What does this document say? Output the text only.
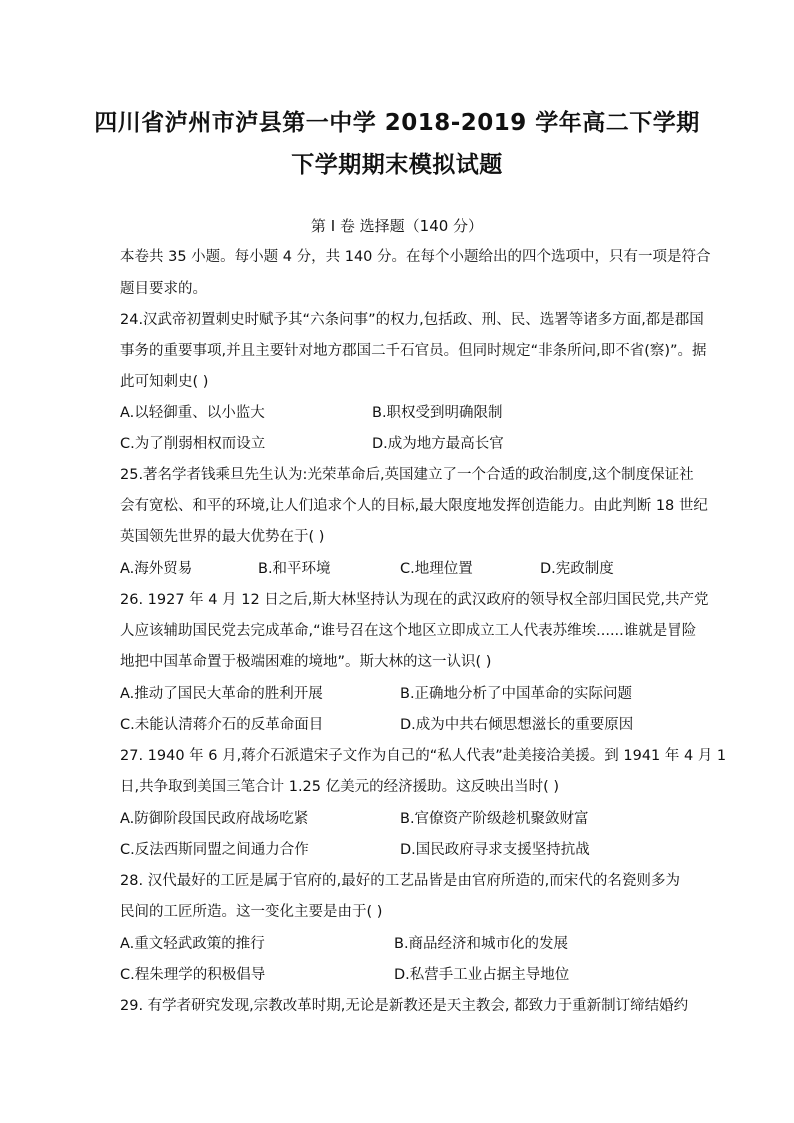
四川省泸州市泸县第一中学 2018-2019 学年高二下学期
下学期期末模拟试题
第 I 卷 选择题（140 分）
本卷共 35 小题。每小题 4 分，共 140 分。在每个小题给出的四个选项中，只有一项是符合
题目要求的。
24.汉武帝初置刺史时赋予其“六条问事”的权力,包括政、刑、民、选署等诸多方面,都是郡国
事务的重要事项,并且主要针对地方郡国二千石官员。但同时规定“非条所问,即不省(察)”。据
此可知刺史( )
A.以轻御重、以小监大	B.职权受到明确限制
C.为了削弱相权而设立	D.成为地方最高长官
25.著名学者钱乘旦先生认为:光荣革命后,英国建立了一个合适的政治制度,这个制度保证社
会有宽松、和平的环境,让人们追求个人的目标,最大限度地发挥创造能力。由此判断 18 世纪
英国领先世界的最大优势在于( )
A.海外贸易	B.和平环境	C.地理位置	D.宪政制度
26. 1927 年 4 月 12 日之后,斯大林坚持认为现在的武汉政府的领导权全部归国民党,共产党
人应该辅助国民党去完成革命,“谁号召在这个地区立即成立工人代表苏维埃......谁就是冒险
地把中国革命置于极端困难的境地”。斯大林的这一认识( )
A.推动了国民大革命的胜利开展	B.正确地分析了中国革命的实际问题
C.未能认清蒋介石的反革命面目	D.成为中共右倾思想滋长的重要原因
27. 1940 年 6 月,蒋介石派遣宋子文作为自己的“私人代表”赴美接洽美援。到 1941 年 4 月 1
日,共争取到美国三笔合计 1.25 亿美元的经济援助。这反映出当时( )
A.防御阶段国民政府战场吃紧	B.官僚资产阶级趁机聚敛财富
C.反法西斯同盟之间通力合作	D.国民政府寻求支援坚持抗战
28. 汉代最好的工匠是属于官府的,最好的工艺品皆是由官府所造的,而宋代的名瓷则多为
民间的工匠所造。这一变化主要是由于( )
A.重文轻武政策的推行	B.商品经济和城市化的发展
C.程朱理学的积极倡导	D.私营手工业占据主导地位
29. 有学者研究发现,宗教改革时期,无论是新教还是天主教会, 都致力于重新制订缔结婚约
